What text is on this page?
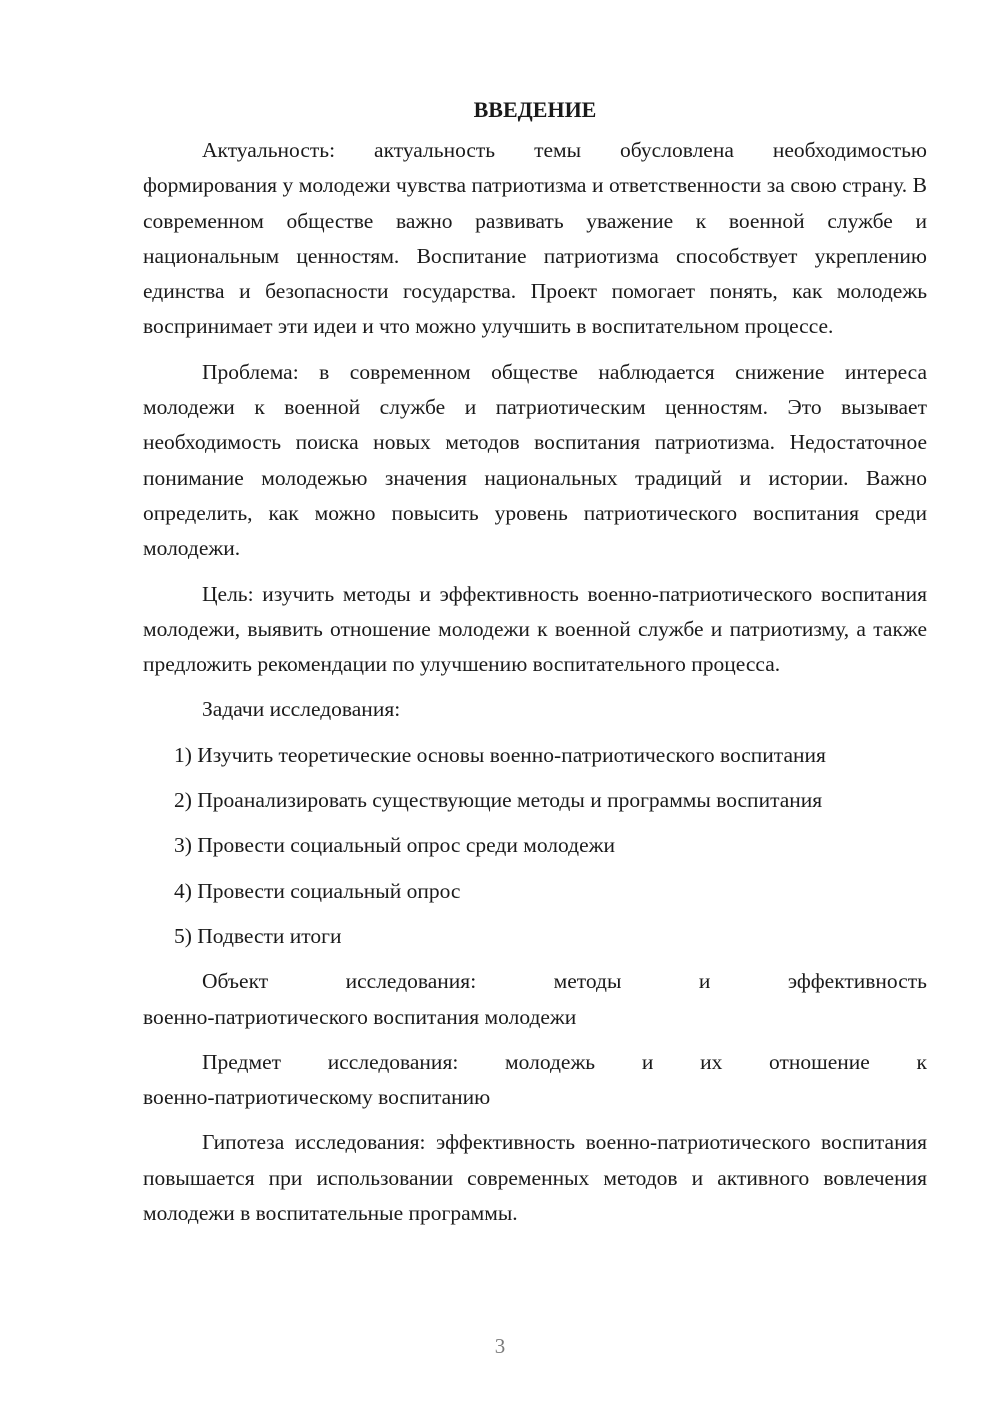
ВВЕДЕНИЕ

Актуальность: актуальность темы обусловлена необходимостью формирования у молодежи чувства патриотизма и ответственности за свою страну. В современном обществе важно развивать уважение к военной службе и национальным ценностям. Воспитание патриотизма способствует укреплению единства и безопасности государства. Проект помогает понять, как молодежь воспринимает эти идеи и что можно улучшить в воспитательном процессе.

Проблема: в современном обществе наблюдается снижение интереса молодежи к военной службе и патриотическим ценностям. Это вызывает необходимость поиска новых методов воспитания патриотизма. Недостаточное понимание молодежью значения национальных традиций и истории. Важно определить, как можно повысить уровень патриотического воспитания среди молодежи.

Цель: изучить методы и эффективность военно-патриотического воспитания молодежи, выявить отношение молодежи к военной службе и патриотизму, а также предложить рекомендации по улучшению воспитательного процесса.

Задачи исследования:

1) Изучить теоретические основы военно-патриотического воспитания
2) Проанализировать существующие методы и программы воспитания
3) Провести социальный опрос среди молодежи
4) Провести социальный опрос
5) Подвести итоги
Объект	исследования:	методы	и	эффективность
военно-патриотического воспитания молодежи
Предмет исследования: молодежь и их отношение к
военно-патриотическому воспитанию

Гипотеза исследования: эффективность военно-патриотического воспитания повышается при использовании современных методов и активного вовлечения молодежи в воспитательные программы.

3
